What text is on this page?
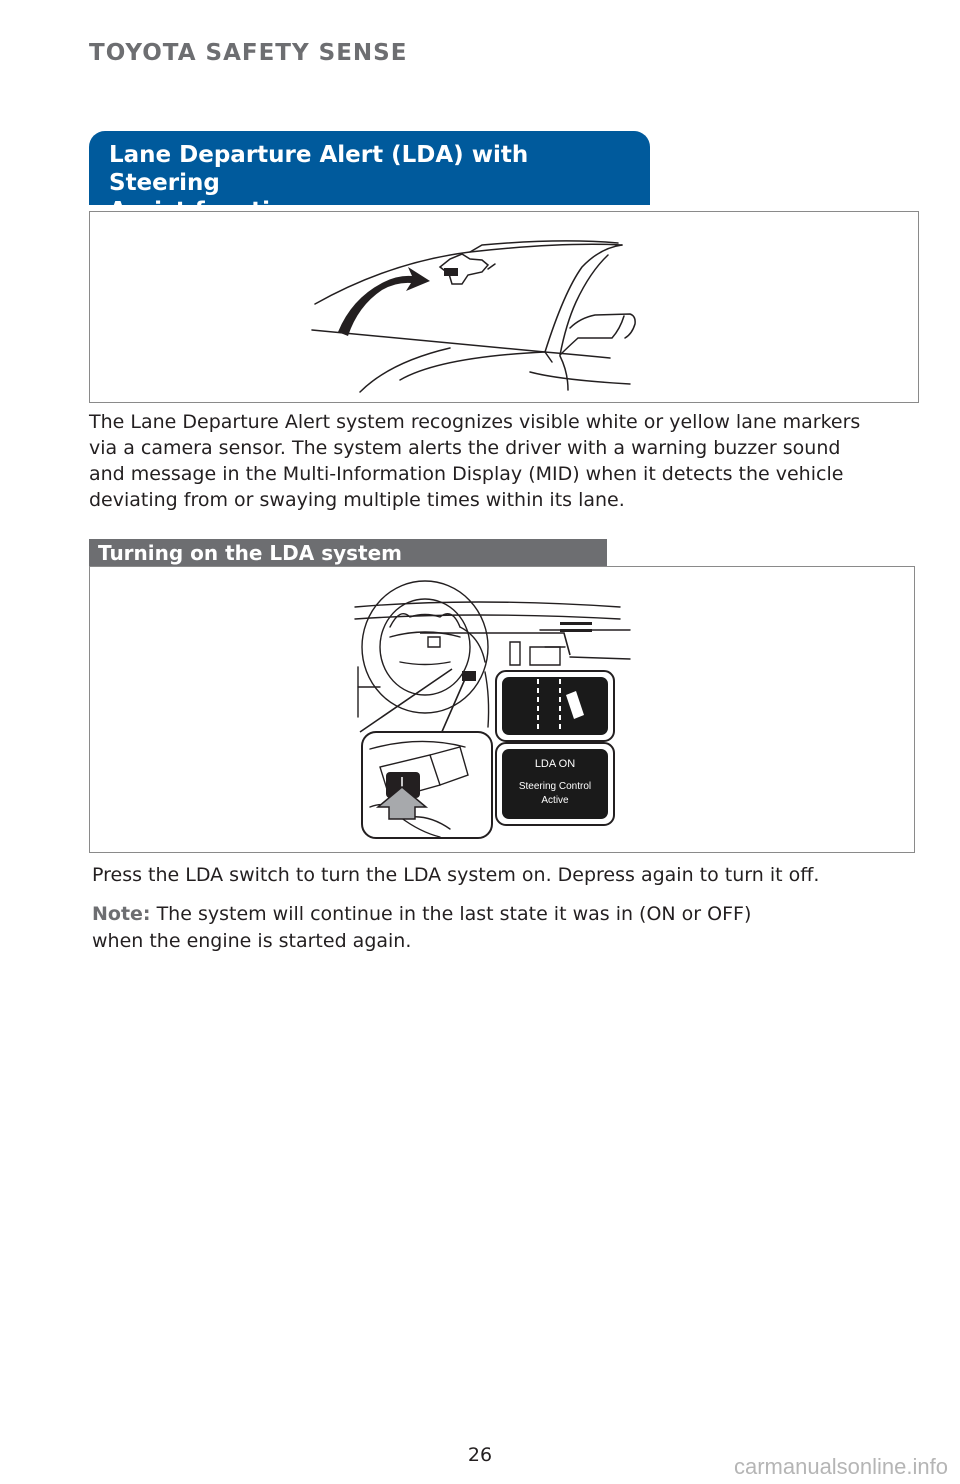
TOYOTA SAFETY SENSE
Lane Departure Alert (LDA) with Steering
The Lane Departure Alert system recognizes visible white or yellow lane markers
via a camera sensor. The system alerts the driver with a warning buzzer sound
and message in the Multi-Information Display (MID) when it detects the vehicle
deviating from or swaying multiple times within its lane.
Turning on the LDA system
LDA ON
Steering Control
Active
Press the LDA switch to turn the LDA system on. Depress again to turn it off.
Note: The system will continue in the last state it was in (ON or OFF)
when the engine is started again.
26	carmanualsonline.info
